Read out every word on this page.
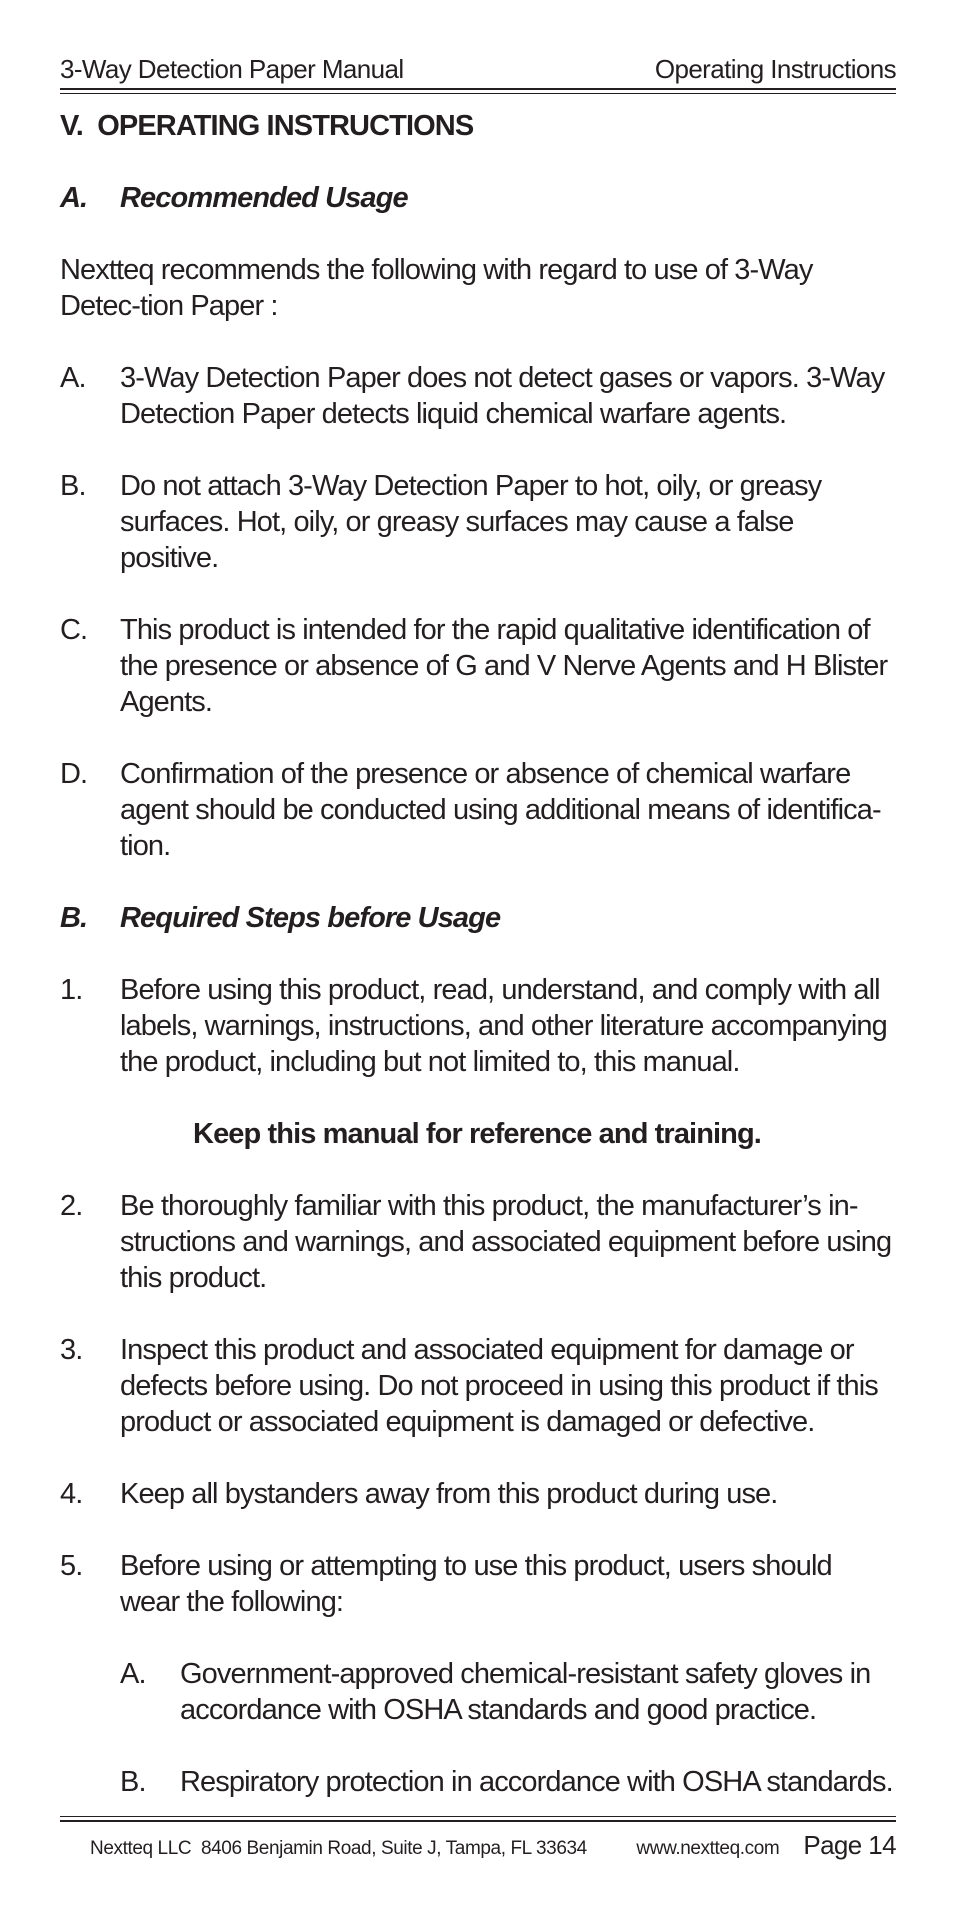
3-Way Detection Paper Manual	Operating Instructions
V.  OPERATING INSTRUCTIONS
A.	Recommended Usage

Nextteq recommends the following with regard to use of 3-Way Detec-tion Paper :

A.	3-Way Detection Paper does not detect gases or vapors. 3-Way Detection Paper detects liquid chemical warfare agents.
B.	Do not attach 3-Way Detection Paper to hot, oily, or greasy surfaces. Hot, oily, or greasy surfaces may cause a false positive.
C.	This product is intended for the rapid qualitative identification of the presence or absence of G and V Nerve Agents and H Blister Agents.
D.	Confirmation of the presence or absence of chemical warfare agent should be conducted using additional means of identifica-tion.
B.	Required Steps before Usage
1.	Before using this product, read, understand, and comply with all labels, warnings, instructions, and other literature accompanying the product, including but not limited to, this manual.
Keep this manual for reference and training.
2.	Be thoroughly familiar with this product, the manufacturer’s in-structions and warnings, and associated equipment before using this product.
3.	Inspect this product and associated equipment for damage or defects before using. Do not proceed in using this product if this product or associated equipment is damaged or defective.
4.	Keep all bystanders away from this product during use.
5.	Before using or attempting to use this product, users should wear the following:
A.	Government-approved chemical-resistant safety gloves in accordance with OSHA standards and good practice.
B.	Respiratory protection in accordance with OSHA standards.
Nextteq LLC  8406 Benjamin Road, Suite J, Tampa, FL 33634	www.nextteq.com Page 14
